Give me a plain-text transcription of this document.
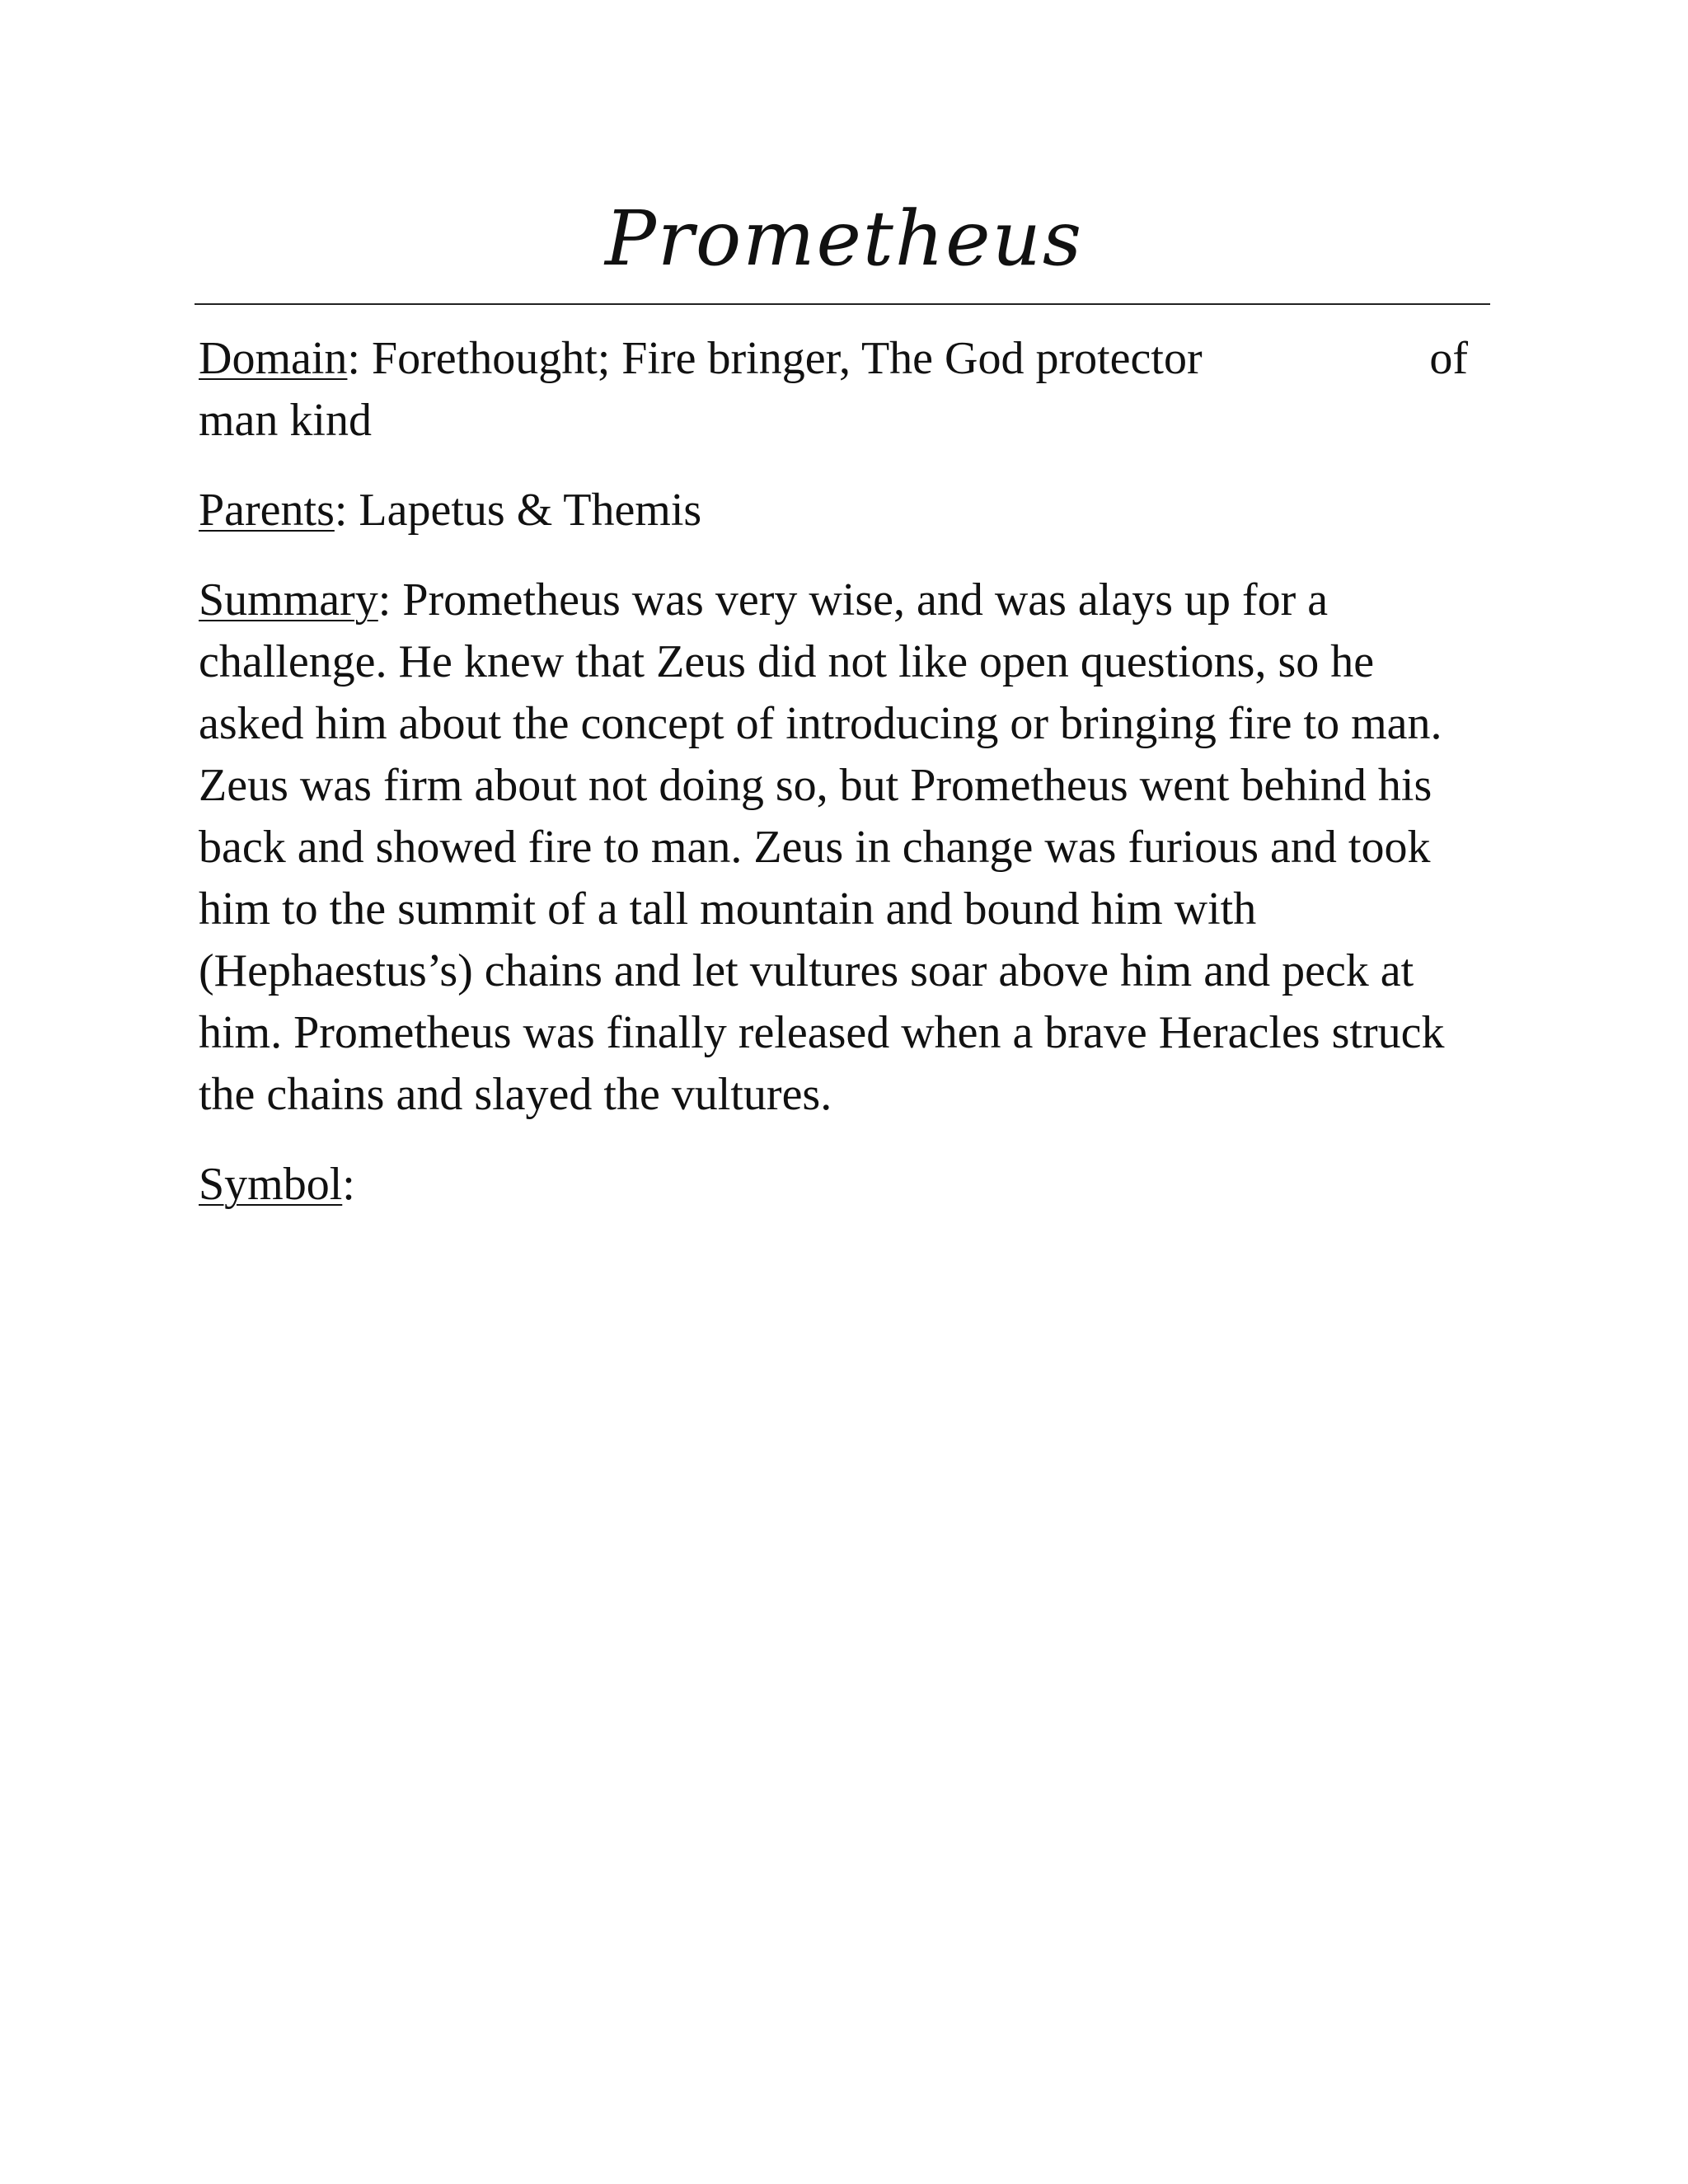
Prometheus
Domain: Forethought; Fire bringer, The God protector	of
man kind
Parents: Lapetus & Themis
Summary: Prometheus was very wise, and was alays up for a
challenge. He knew that Zeus did not like open questions, so he
asked him about the concept of introducing or bringing fire to man.
Zeus was firm about not doing so, but Prometheus went behind his
back and showed fire to man. Zeus in change was furious and took
him to the summit of a tall mountain and bound him with
(Hephaestus’s) chains and let vultures soar above him and peck at
him. Prometheus was finally released when a brave Heracles struck
the chains and slayed the vultures.
Symbol:
